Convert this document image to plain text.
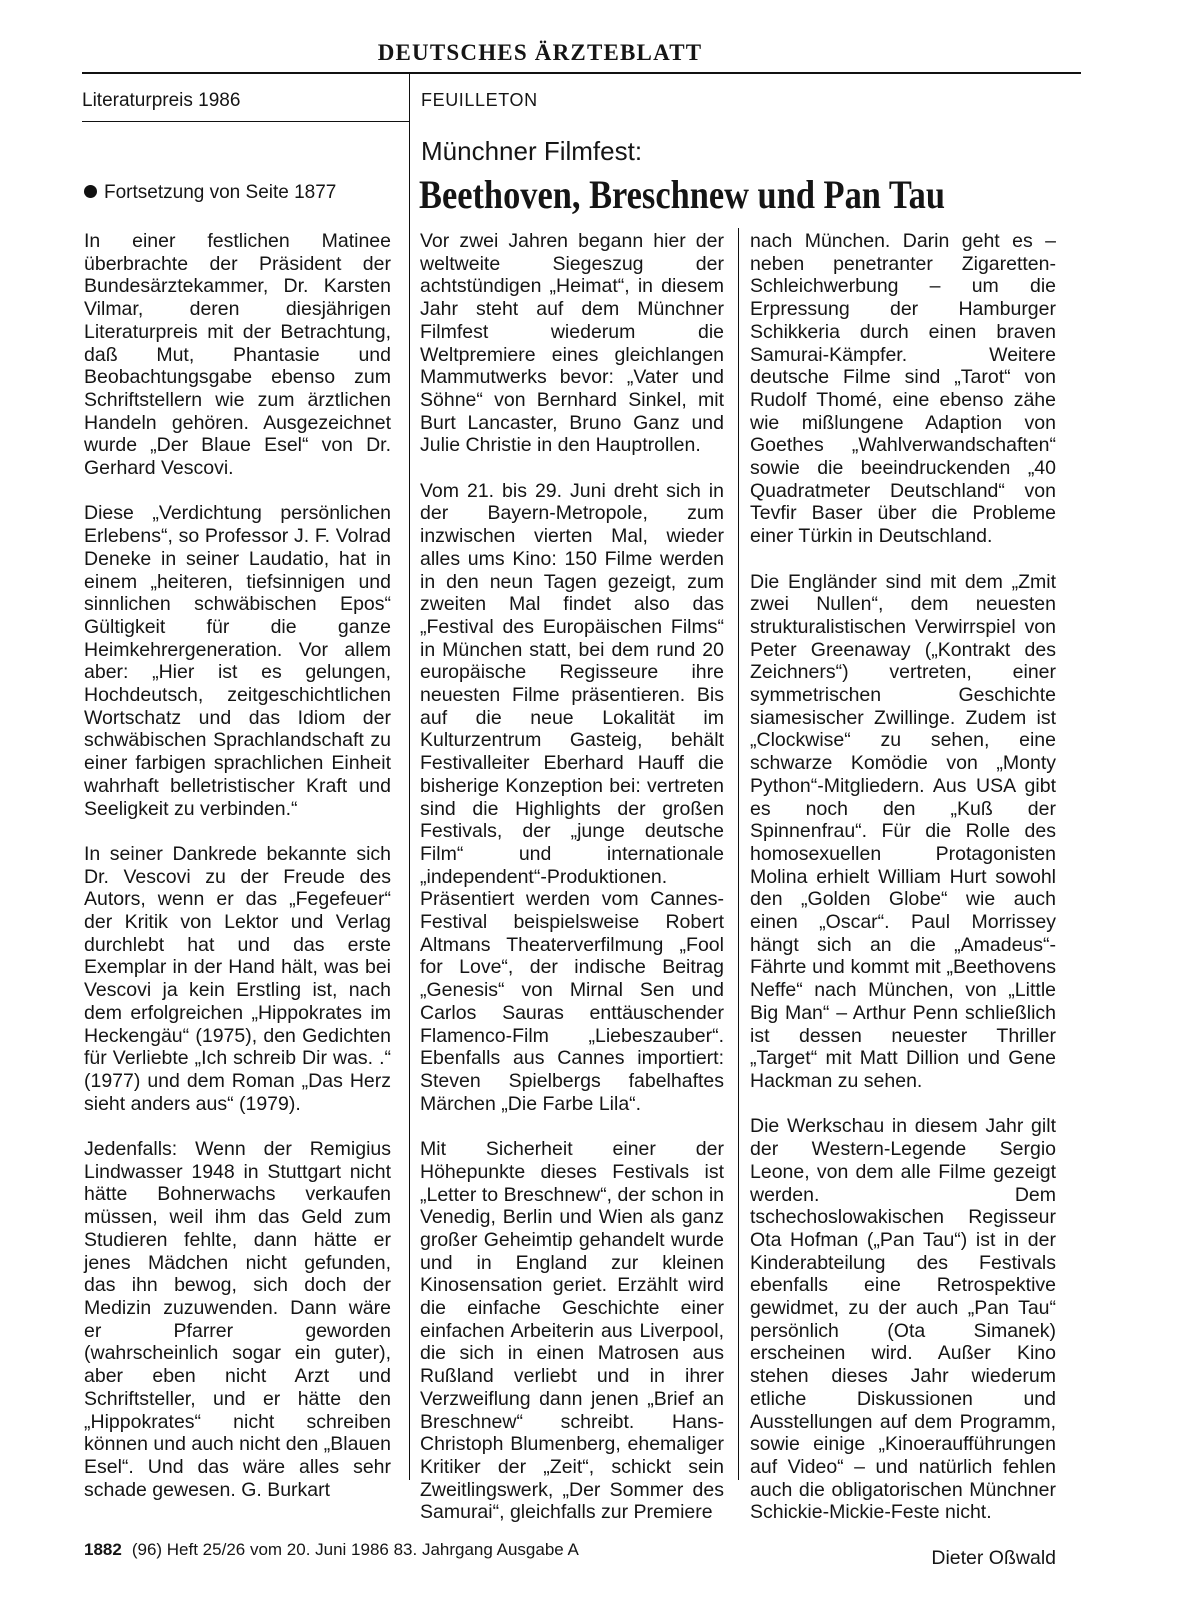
DEUTSCHES ÄRZTEBLATT
Literaturpreis 1986	FEUILLETON
Münchner Filmfest:
Beethoven, Breschnew und Pan Tau
Fortsetzung von Seite 1877

In einer festlichen Matinee überbrachte der Präsident der Bundesärztekammer, Dr. Karsten Vilmar, deren diesjährigen Literaturpreis mit der Betrachtung, daß Mut, Phantasie und Beobachtungsgabe ebenso zum Schriftstellern wie zum ärztlichen Handeln gehören. Ausgezeichnet wurde „Der Blaue Esel“ von Dr. Gerhard Vescovi.

Diese „Verdichtung persönlichen Erlebens“, so Professor J. F. Volrad Deneke in seiner Laudatio, hat in einem „heiteren, tiefsinnigen und sinnlichen schwäbischen Epos“ Gültigkeit für die ganze Heimkehrergeneration. Vor allem aber: „Hier ist es gelungen, Hochdeutsch, zeitgeschichtlichen Wortschatz und das Idiom der schwäbischen Sprachlandschaft zu einer farbigen sprachlichen Einheit wahrhaft belletristischer Kraft und Seeligkeit zu verbinden.“

In seiner Dankrede bekannte sich Dr. Vescovi zu der Freude des Autors, wenn er das „Fegefeuer“ der Kritik von Lektor und Verlag durchlebt hat und das erste Exemplar in der Hand hält, was bei Vescovi ja kein Erstling ist, nach dem erfolgreichen „Hippokrates im Heckengäu“ (1975), den Gedichten für Verliebte „Ich schreib Dir was. .“ (1977) und dem Roman „Das Herz sieht anders aus“ (1979).

Jedenfalls: Wenn der Remigius Lindwasser 1948 in Stuttgart nicht hätte Bohnerwachs verkaufen müssen, weil ihm das Geld zum Studieren fehlte, dann hätte er jenes Mädchen nicht gefunden, das ihn bewog, sich doch der Medizin zuzuwenden. Dann wäre er Pfarrer geworden (wahrscheinlich sogar ein guter), aber eben nicht Arzt und Schriftsteller, und er hätte den „Hippokrates“ nicht schreiben können und auch nicht den „Blauen Esel“. Und das wäre alles sehr schade gewesen. G. Burkart

Vor zwei Jahren begann hier der weltweite Siegeszug der achtstündigen „Heimat“, in diesem Jahr steht auf dem Münchner Filmfest wiederum die Weltpremiere eines gleichlangen Mammutwerks bevor: „Vater und Söhne“ von Bernhard Sinkel, mit Burt Lancaster, Bruno Ganz und Julie Christie in den Hauptrollen.

Vom 21. bis 29. Juni dreht sich in der Bayern-Metropole, zum inzwischen vierten Mal, wieder alles ums Kino: 150 Filme werden in den neun Tagen gezeigt, zum zweiten Mal findet also das „Festival des Europäischen Films“ in München statt, bei dem rund 20 europäische Regisseure ihre neuesten Filme präsentieren. Bis auf die neue Lokalität im Kulturzentrum Gasteig, behält Festivalleiter Eberhard Hauff die bisherige Konzeption bei: vertreten sind die Highlights der großen Festivals, der „junge deutsche Film“ und internationale „independent“-Produktionen. Präsentiert werden vom Cannes-Festival beispielsweise Robert Altmans Theaterverfilmung „Fool for Love“, der indische Beitrag „Genesis“ von Mirnal Sen und Carlos Sauras enttäuschender Flamenco-Film „Liebeszauber“. Ebenfalls aus Cannes importiert: Steven Spielbergs fabelhaftes Märchen „Die Farbe Lila“.

Mit Sicherheit einer der Höhepunkte dieses Festivals ist „Letter to Breschnew“, der schon in Venedig, Berlin und Wien als ganz großer Geheimtip gehandelt wurde und in England zur kleinen Kinosensation geriet. Erzählt wird die einfache Geschichte einer einfachen Arbeiterin aus Liverpool, die sich in einen Matrosen aus Rußland verliebt und in ihrer Verzweiflung dann jenen „Brief an Breschnew“ schreibt. Hans-Christoph Blumenberg, ehemaliger Kritiker der „Zeit“, schickt sein Zweitlingswerk, „Der Sommer des Samurai“, gleichfalls zur Premiere

nach München. Darin geht es – neben penetranter Zigaretten-Schleichwerbung – um die Erpressung der Hamburger Schikkeria durch einen braven Samurai-Kämpfer. Weitere deutsche Filme sind „Tarot“ von Rudolf Thomé, eine ebenso zähe wie mißlungene Adaption von Goethes „Wahlverwandschaften“ sowie die beeindruckenden „40 Quadratmeter Deutschland“ von Tevfir Baser über die Probleme einer Türkin in Deutschland.

Die Engländer sind mit dem „Zmit zwei Nullen“, dem neuesten strukturalistischen Verwirrspiel von Peter Greenaway („Kontrakt des Zeichners“) vertreten, einer symmetrischen Geschichte siamesischer Zwillinge. Zudem ist „Clockwise“ zu sehen, eine schwarze Komödie von „Monty Python“-Mitgliedern. Aus USA gibt es noch den „Kuß der Spinnenfrau“. Für die Rolle des homosexuellen Protagonisten Molina erhielt William Hurt sowohl den „Golden Globe“ wie auch einen „Oscar“. Paul Morrissey hängt sich an die „Amadeus“-Fährte und kommt mit „Beethovens Neffe“ nach München, von „Little Big Man“ – Arthur Penn schließlich ist dessen neuester Thriller „Target“ mit Matt Dillion und Gene Hackman zu sehen.

Die Werkschau in diesem Jahr gilt der Western-Legende Sergio Leone, von dem alle Filme gezeigt werden. Dem tschechoslowakischen Regisseur Ota Hofman („Pan Tau“) ist in der Kinderabteilung des Festivals ebenfalls eine Retrospektive gewidmet, zu der auch „Pan Tau“ persönlich (Ota Simanek) erscheinen wird. Außer Kino stehen dieses Jahr wiederum etliche Diskussionen und Ausstellungen auf dem Programm, sowie einige „Kinoeraufführungen auf Video“ – und natürlich fehlen auch die obligatorischen Münchner Schickie-Mickie-Feste nicht.

Dieter Oßwald
1882 (96) Heft 25/26 vom 20. Juni 1986 83. Jahrgang Ausgabe A
